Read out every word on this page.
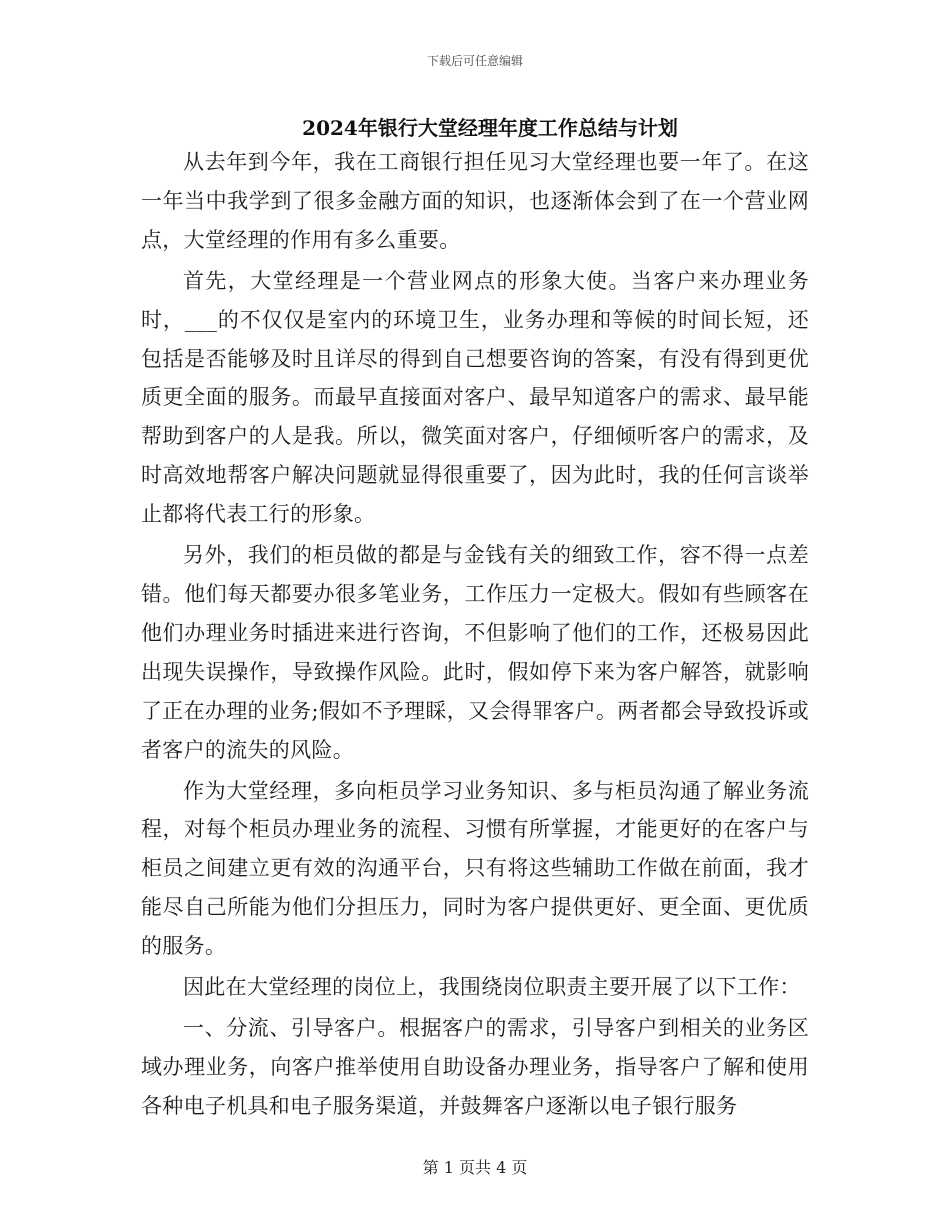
下载后可任意编辑
2024年银行大堂经理年度工作总结与计划

从去年到今年，我在工商银行担任见习大堂经理也要一年了。在这一年当中我学到了很多金融方面的知识，也逐渐体会到了在一个营业网点，大堂经理的作用有多么重要。

首先，大堂经理是一个营业网点的形象大使。当客户来办理业务时，___的不仅仅是室内的环境卫生，业务办理和等候的时间长短，还包括是否能够及时且详尽的得到自己想要咨询的答案，有没有得到更优质更全面的服务。而最早直接面对客户、最早知道客户的需求、最早能帮助到客户的人是我。所以，微笑面对客户，仔细倾听客户的需求，及时高效地帮客户解决问题就显得很重要了，因为此时，我的任何言谈举止都将代表工行的形象。

另外，我们的柜员做的都是与金钱有关的细致工作，容不得一点差错。他们每天都要办很多笔业务，工作压力一定极大。假如有些顾客在他们办理业务时插进来进行咨询，不但影响了他们的工作，还极易因此出现失误操作，导致操作风险。此时，假如停下来为客户解答，就影响了正在办理的业务;假如不予理睬，又会得罪客户。两者都会导致投诉或者客户的流失的风险。

作为大堂经理，多向柜员学习业务知识、多与柜员沟通了解业务流程，对每个柜员办理业务的流程、习惯有所掌握，才能更好的在客户与柜员之间建立更有效的沟通平台，只有将这些辅助工作做在前面，我才能尽自己所能为他们分担压力，同时为客户提供更好、更全面、更优质的服务。

因此在大堂经理的岗位上，我围绕岗位职责主要开展了以下工作：

一、分流、引导客户。根据客户的需求，引导客户到相关的业务区域办理业务，向客户推举使用自助设备办理业务，指导客户了解和使用各种电子机具和电子服务渠道，并鼓舞客户逐渐以电子银行服务

第 1 页共 4 页
